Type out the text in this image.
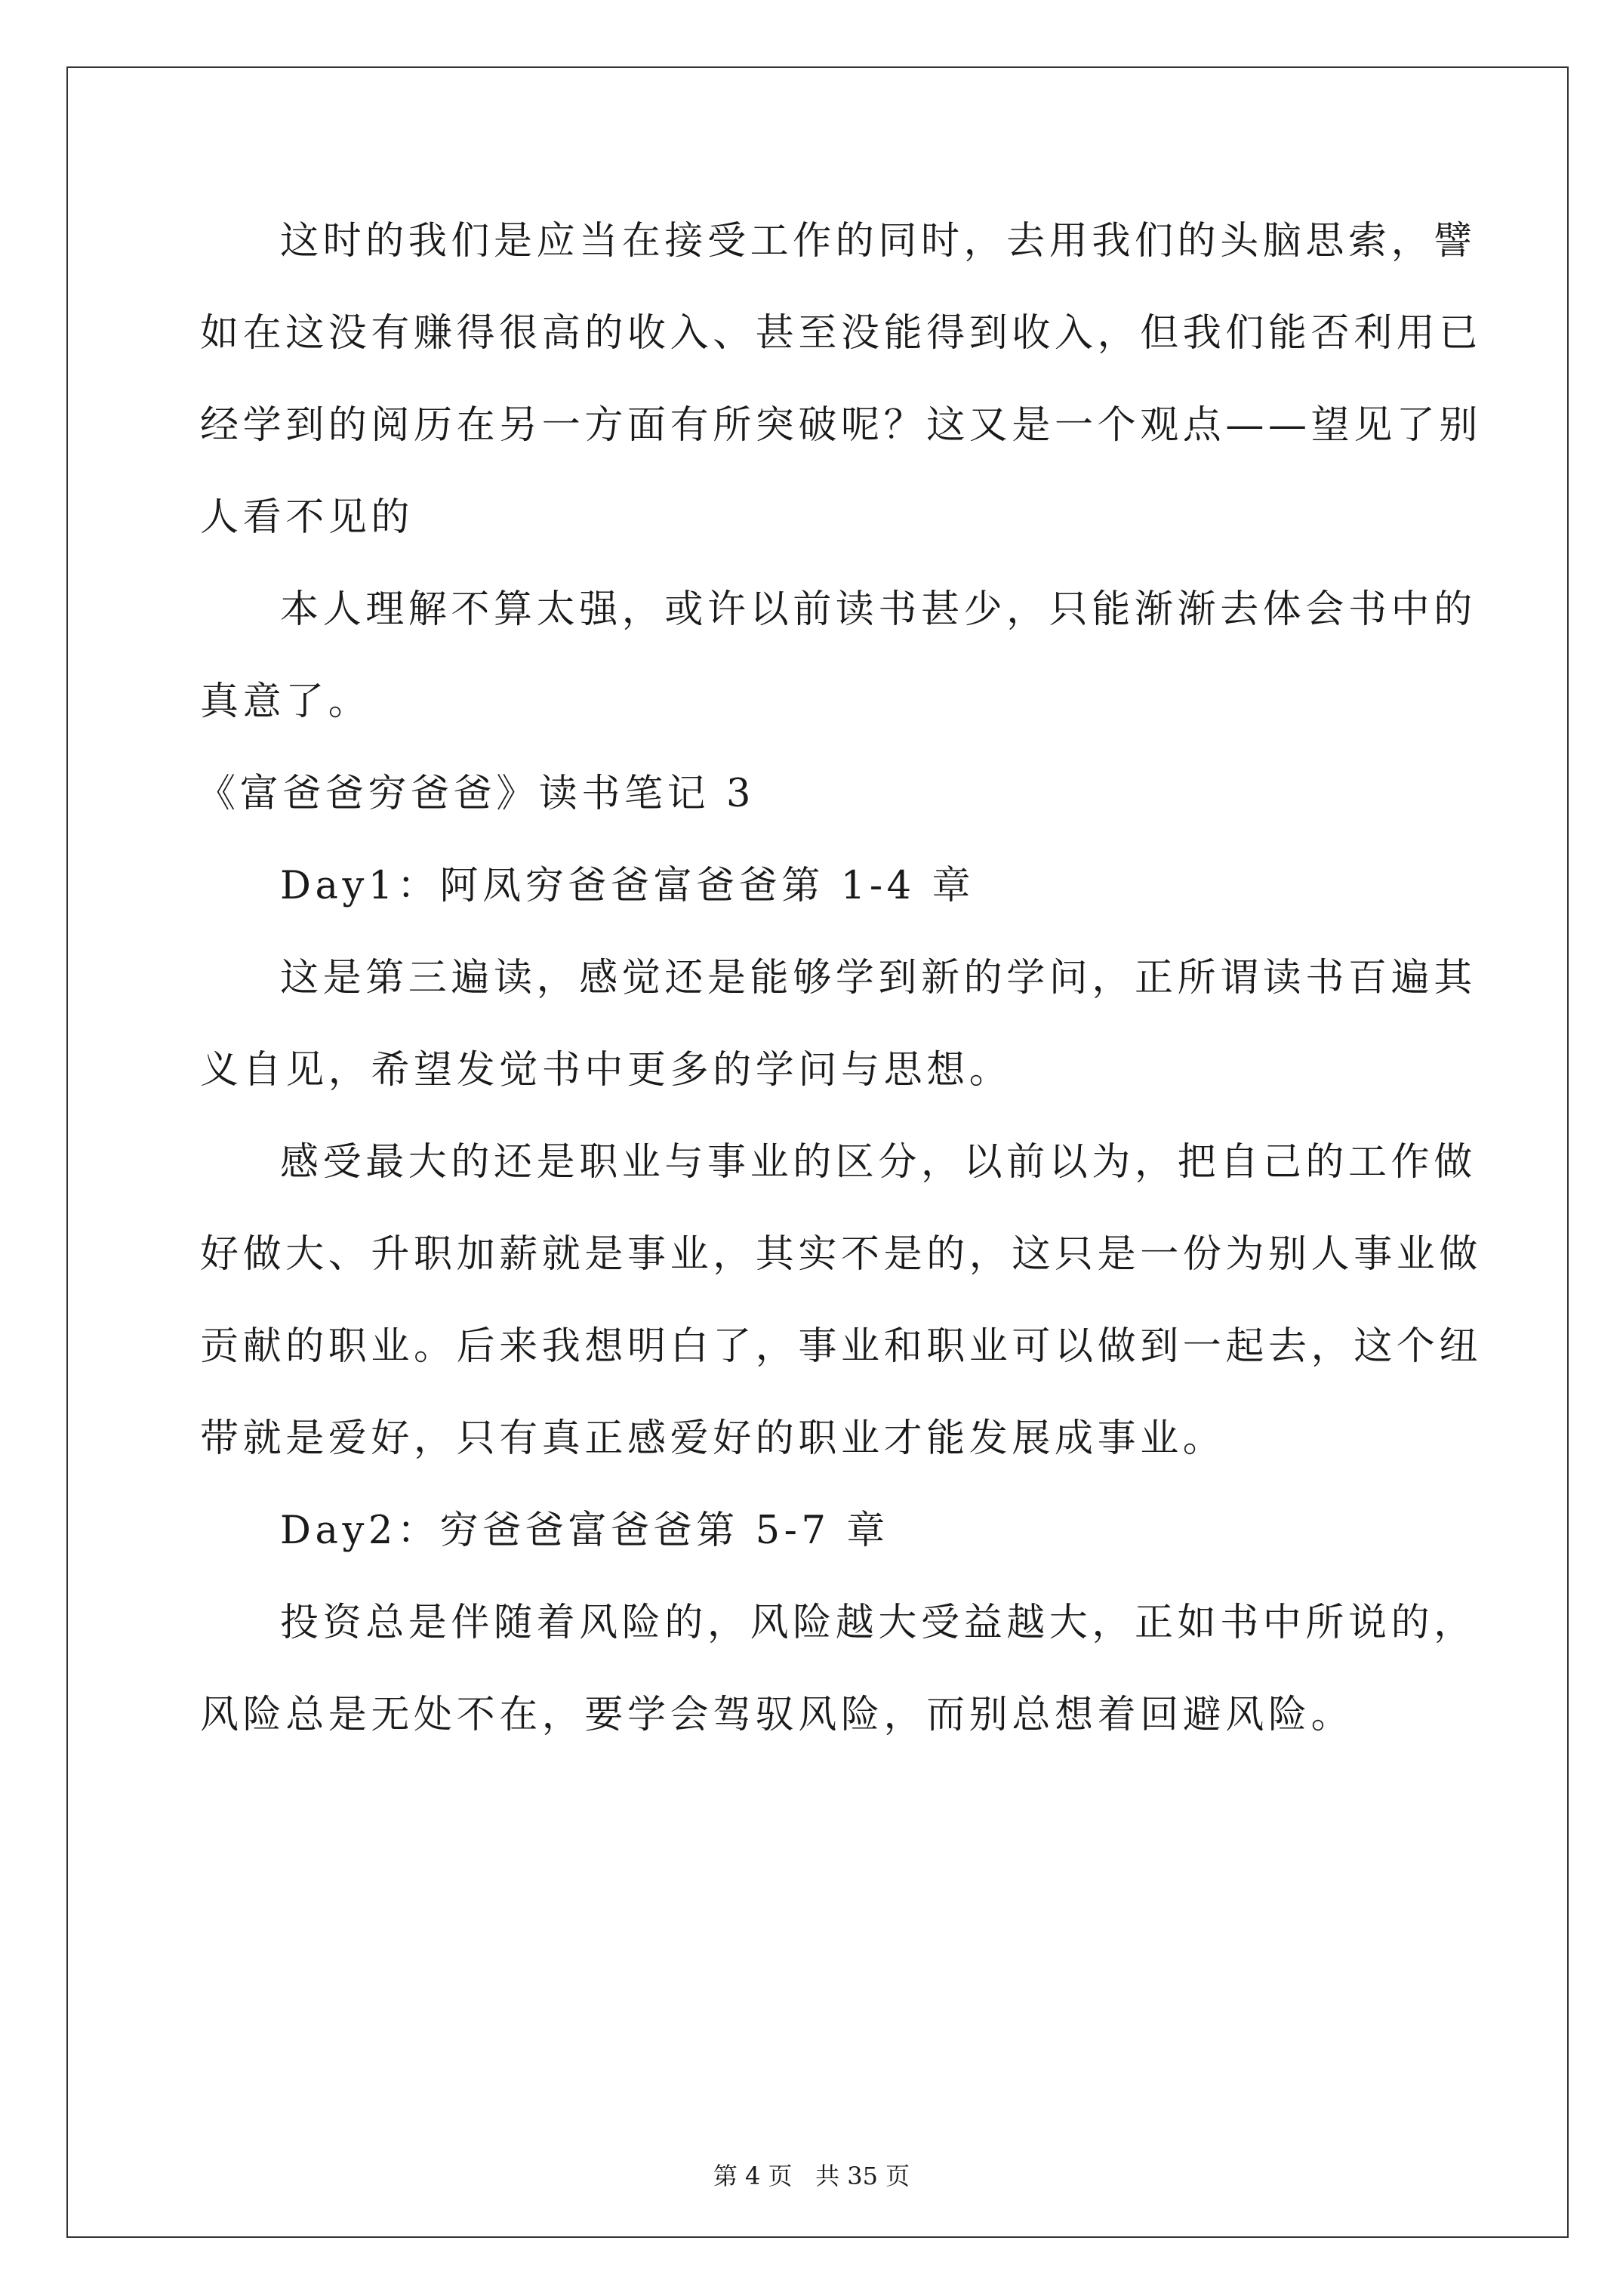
这时的我们是应当在接受工作的同时，去用我们的头脑思索，譬
如在这没有赚得很高的收入、甚至没能得到收入，但我们能否利用已
经学到的阅历在另一方面有所突破呢？这又是一个观点——望见了别
人看不见的
本人理解不算太强，或许以前读书甚少，只能渐渐去体会书中的
真意了。
《富爸爸穷爸爸》读书笔记 3
Day1：阿凤穷爸爸富爸爸第 1-4 章
这是第三遍读，感觉还是能够学到新的学问，正所谓读书百遍其
义自见，希望发觉书中更多的学问与思想。
感受最大的还是职业与事业的区分，以前以为，把自己的工作做
好做大、升职加薪就是事业，其实不是的，这只是一份为别人事业做
贡献的职业。后来我想明白了，事业和职业可以做到一起去，这个纽
带就是爱好，只有真正感爱好的职业才能发展成事业。
Day2：穷爸爸富爸爸第 5-7 章
投资总是伴随着风险的，风险越大受益越大，正如书中所说的，
风险总是无处不在，要学会驾驭风险，而别总想着回避风险。
第 4 页   共 35 页
